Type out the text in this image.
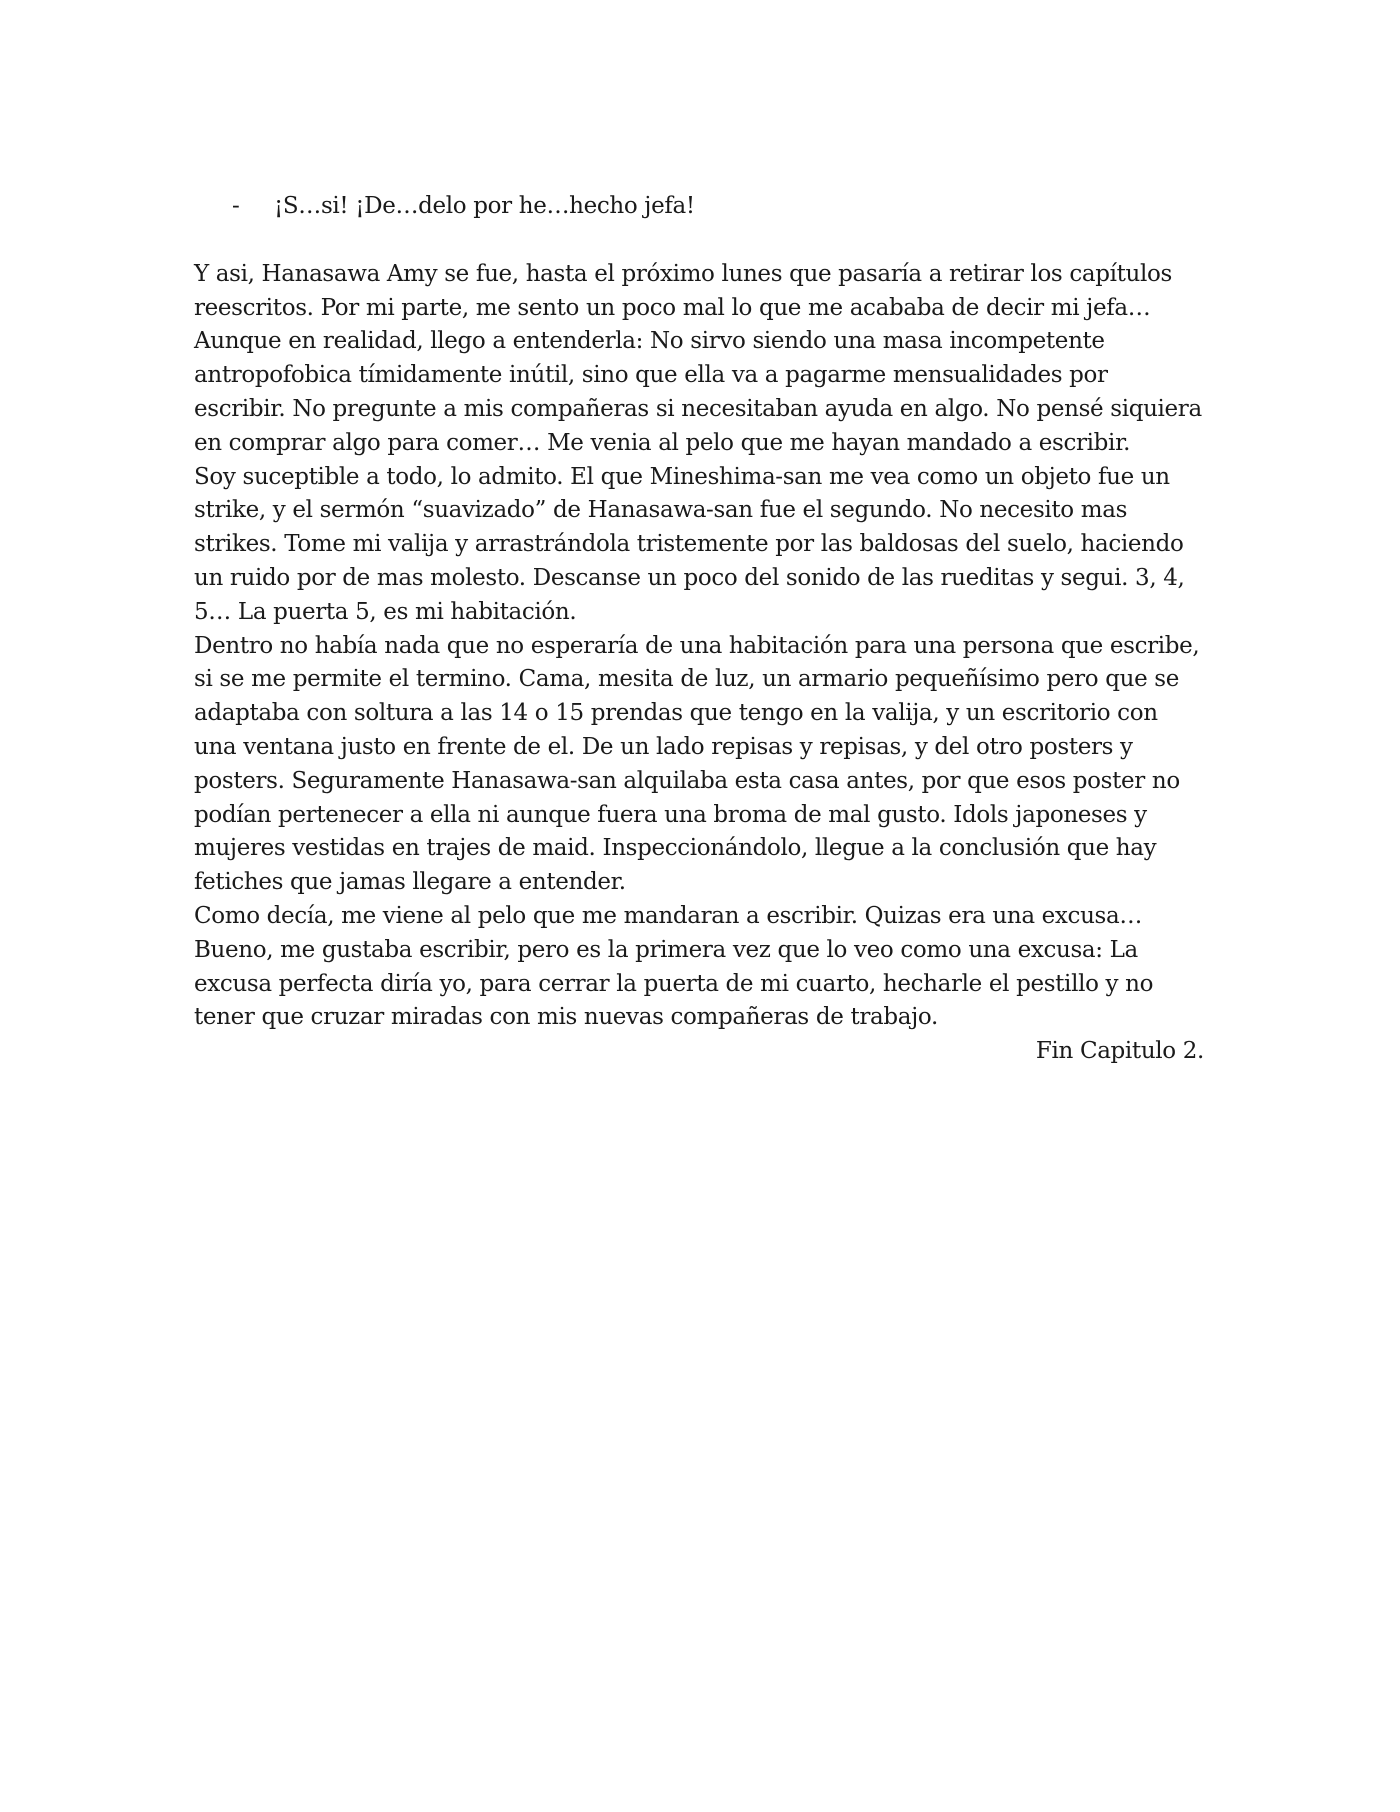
-	¡S…si! ¡De…delo por he…hecho jefa!

Y asi, Hanasawa Amy se fue, hasta el próximo lunes que pasaría a retirar los capítulos reescritos. Por mi parte, me sento un poco mal lo que me acababa de decir mi jefa… Aunque en realidad, llego a entenderla: No sirvo siendo una masa incompetente antropofobica tímidamente inútil, sino que ella va a pagarme mensualidades por escribir. No pregunte a mis compañeras si necesitaban ayuda en algo. No pensé siquiera en comprar algo para comer… Me venia al pelo que me hayan mandado a escribir.

Soy suceptible a todo, lo admito. El que Mineshima-san me vea como un objeto fue un strike, y el sermón “suavizado” de Hanasawa-san fue el segundo. No necesito mas strikes. Tome mi valija y arrastrándola tristemente por las baldosas del suelo, haciendo un ruido por de mas molesto. Descanse un poco del sonido de las rueditas y segui. 3, 4, 5… La puerta 5, es mi habitación.

Dentro no había nada que no esperaría de una habitación para una persona que escribe, si se me permite el termino. Cama, mesita de luz, un armario pequeñísimo pero que se adaptaba con soltura a las 14 o 15 prendas que tengo en la valija, y un escritorio con una ventana justo en frente de el. De un lado repisas y repisas, y del otro posters y posters. Seguramente Hanasawa-san alquilaba esta casa antes, por que esos poster no podían pertenecer a ella ni aunque fuera una broma de mal gusto. Idols japoneses y mujeres vestidas en trajes de maid. Inspeccionándolo, llegue a la conclusión que hay fetiches que jamas llegare a entender.

Como decía, me viene al pelo que me mandaran a escribir. Quizas era una excusa… Bueno, me gustaba escribir, pero es la primera vez que lo veo como una excusa: La excusa perfecta diría yo, para cerrar la puerta de mi cuarto, hecharle el pestillo y no tener que cruzar miradas con mis nuevas compañeras de trabajo.

Fin Capitulo 2.
